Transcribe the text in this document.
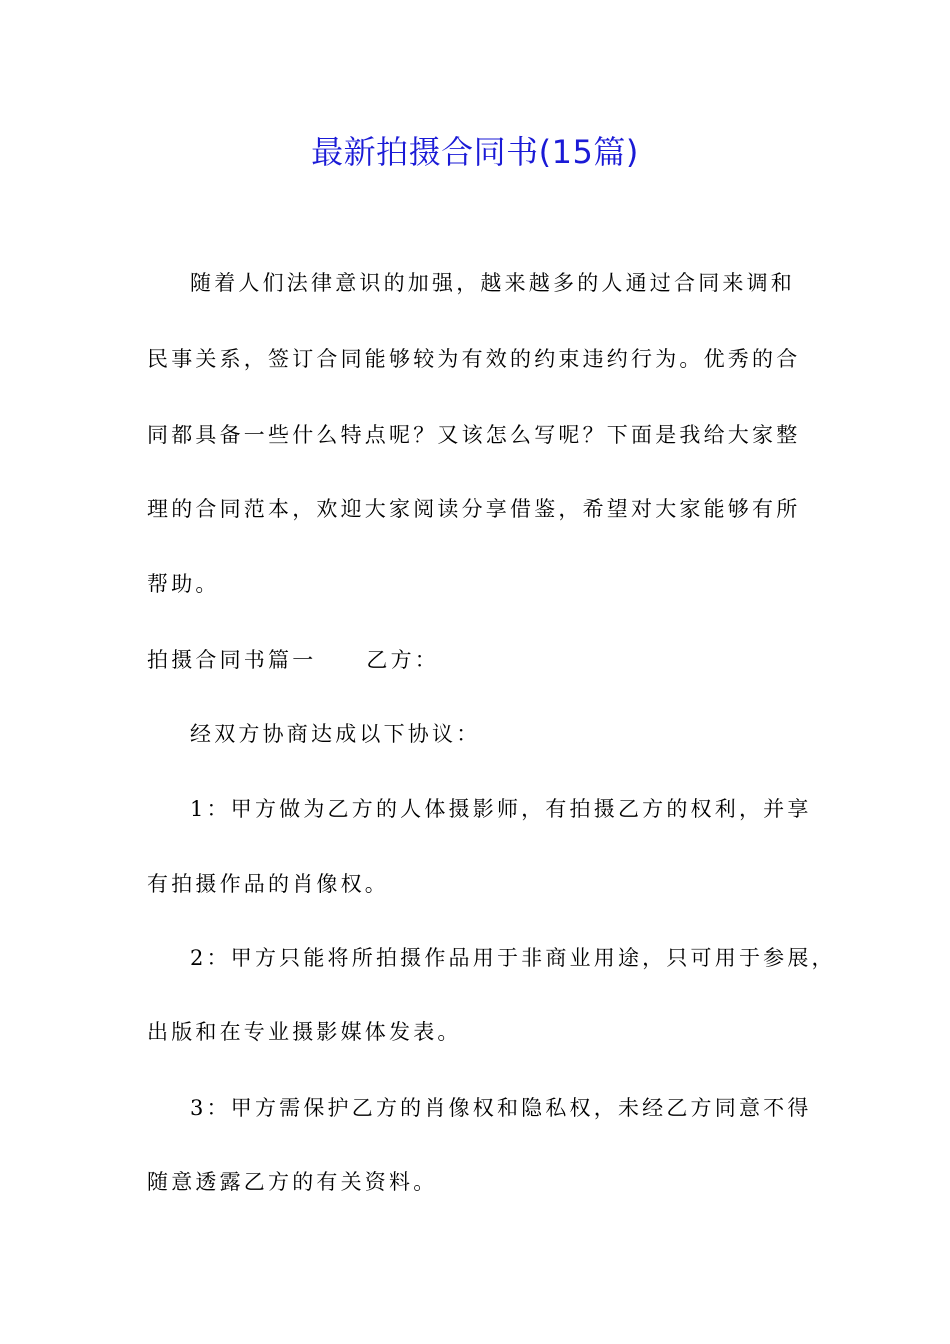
最新拍摄合同书(15篇)

随着人们法律意识的加强，越来越多的人通过合同来调和

民事关系，签订合同能够较为有效的约束违约行为。优秀的合

同都具备一些什么特点呢？又该怎么写呢？下面是我给大家整

理的合同范本，欢迎大家阅读分享借鉴，希望对大家能够有所

帮助。

拍摄合同书篇一 乙方：

经双方协商达成以下协议：

1：甲方做为乙方的人体摄影师，有拍摄乙方的权利，并享

有拍摄作品的肖像权。

2：甲方只能将所拍摄作品用于非商业用途，只可用于参展，

出版和在专业摄影媒体发表。

3：甲方需保护乙方的肖像权和隐私权，未经乙方同意不得

随意透露乙方的有关资料。
